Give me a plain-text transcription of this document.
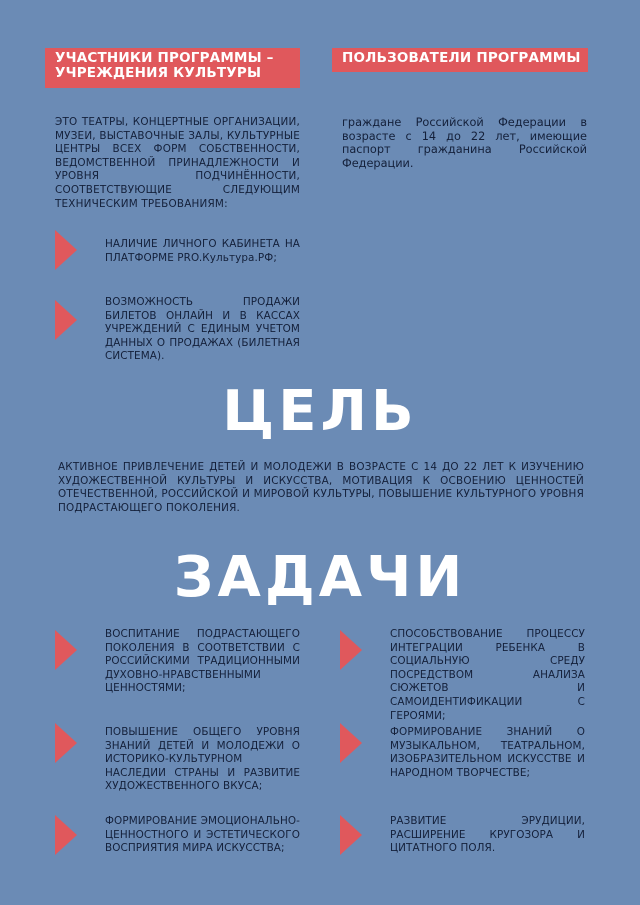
УЧАСТНИКИ ПРОГРАММЫ –
УЧРЕЖДЕНИЯ КУЛЬТУРЫ
ПОЛЬЗОВАТЕЛИ ПРОГРАММЫ
ЭТО ТЕАТРЫ, КОНЦЕРТНЫЕ ОРГАНИЗАЦИИ, МУЗЕИ, ВЫСТАВОЧНЫЕ ЗАЛЫ, КУЛЬТУРНЫЕ ЦЕНТРЫ ВСЕХ ФОРМ СОБСТВЕННОСТИ, ВЕДОМСТВЕННОЙ ПРИНАДЛЕЖНОСТИ И УРОВНЯ ПОДЧИНЁННОСТИ, СООТВЕТСТВУЮЩИЕ СЛЕДУЮЩИМ ТЕХНИЧЕСКИМ ТРЕБОВАНИЯМ:
граждане Российской Федерации в возрасте с 14 до 22 лет, имеющие паспорт гражданина Российской Федерации.
НАЛИЧИЕ ЛИЧНОГО КАБИНЕТА НА ПЛАТФОРМЕ PRO.Культура.РФ;
ВОЗМОЖНОСТЬ ПРОДАЖИ БИЛЕТОВ ОНЛАЙН И В КАССАХ УЧРЕЖДЕНИЙ С ЕДИНЫМ УЧЕТОМ ДАННЫХ О ПРОДАЖАХ (БИЛЕТНАЯ СИСТЕМА).
ЦЕЛЬ
АКТИВНОЕ ПРИВЛЕЧЕНИЕ ДЕТЕЙ И МОЛОДЕЖИ В ВОЗРАСТЕ С 14 ДО 22 ЛЕТ К ИЗУЧЕНИЮ ХУДОЖЕСТВЕННОЙ КУЛЬТУРЫ И ИСКУССТВА, МОТИВАЦИЯ К ОСВОЕНИЮ ЦЕННОСТЕЙ ОТЕЧЕСТВЕННОЙ, РОССИЙСКОЙ И МИРОВОЙ КУЛЬТУРЫ, ПОВЫШЕНИЕ КУЛЬТУРНОГО УРОВНЯ ПОДРАСТАЮЩЕГО ПОКОЛЕНИЯ.
ЗАДАЧИ
ВОСПИТАНИЕ ПОДРАСТАЮЩЕГО ПОКОЛЕНИЯ В СООТВЕТСТВИИ С РОССИЙСКИМИ ТРАДИЦИОННЫМИ ДУХОВНО-НРАВСТВЕННЫМИ ЦЕННОСТЯМИ;
ПОВЫШЕНИЕ ОБЩЕГО УРОВНЯ ЗНАНИЙ ДЕТЕЙ И МОЛОДЕЖИ О ИСТОРИКО-КУЛЬТУРНОМ НАСЛЕДИИ СТРАНЫ И РАЗВИТИЕ ХУДОЖЕСТВЕННОГО ВКУСА;
ФОРМИРОВАНИЕ ЭМОЦИОНАЛЬНО-ЦЕННОСТНОГО И ЭСТЕТИЧЕСКОГО ВОСПРИЯТИЯ МИРА ИСКУССТВА;
СПОСОБСТВОВАНИЕ ПРОЦЕССУ ИНТЕГРАЦИИ РЕБЕНКА В СОЦИАЛЬНУЮ СРЕДУ ПОСРЕДСТВОМ АНАЛИЗА СЮЖЕТОВ И САМОИДЕНТИФИКАЦИИ С ГЕРОЯМИ;
ФОРМИРОВАНИЕ ЗНАНИЙ О МУЗЫКАЛЬНОМ, ТЕАТРАЛЬНОМ, ИЗОБРАЗИТЕЛЬНОМ ИСКУССТВЕ И НАРОДНОМ ТВОРЧЕСТВЕ;
РАЗВИТИЕ ЭРУДИЦИИ, РАСШИРЕНИЕ КРУГОЗОРА И ЦИТАТНОГО ПОЛЯ.
